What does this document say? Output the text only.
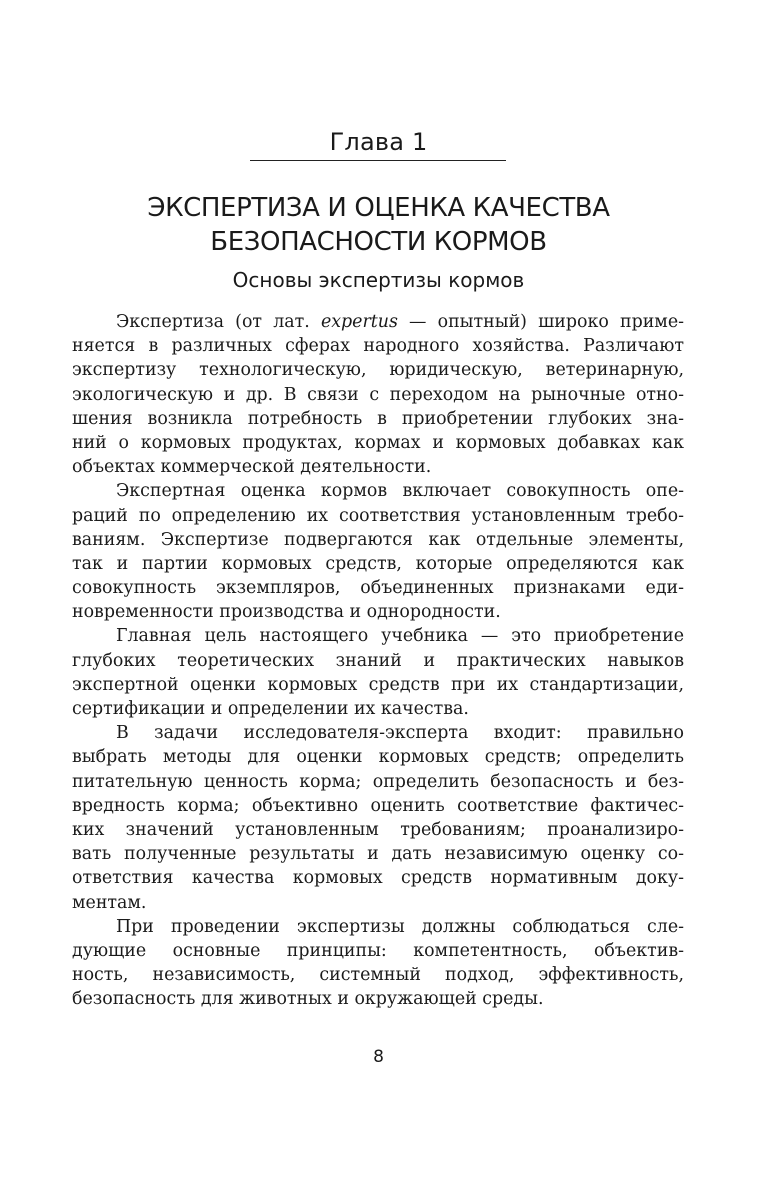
Глава 1
ЭКСПЕРТИЗА И ОЦЕНКА КАЧЕСТВА
БЕЗОПАСНОСТИ КОРМОВ
Основы экспертизы кормов
Экспертиза (от лат. expertus — опытный) широко приме-
няется в различных сферах народного хозяйства. Различают
экспертизу технологическую, юридическую, ветеринарную,
экологическую и др. В связи с переходом на рыночные отно-
шения возникла потребность в приобретении глубоких зна-
ний о кормовых продуктах, кормах и кормовых добавках как
объектах коммерческой деятельности.
Экспертная оценка кормов включает совокупность опе-
раций по определению их соответствия установленным требо-
ваниям. Экспертизе подвергаются как отдельные элементы,
так и партии кормовых средств, которые определяются как
совокупность экземпляров, объединенных признаками еди-
новременности производства и однородности.
Главная цель настоящего учебника — это приобретение
глубоких теоретических знаний и практических навыков
экспертной оценки кормовых средств при их стандартизации,
сертификации и определении их качества.
В задачи исследователя-эксперта входит: правильно
выбрать методы для оценки кормовых средств; определить
питательную ценность корма; определить безопасность и без-
вредность корма; объективно оценить соответствие фактичес-
ких значений установленным требованиям; проанализиро-
вать полученные результаты и дать независимую оценку со-
ответствия качества кормовых средств нормативным доку-
ментам.
При проведении экспертизы должны соблюдаться сле-
дующие основные принципы: компетентность, объектив-
ность, независимость, системный подход, эффективность,
безопасность для животных и окружающей среды.
8
